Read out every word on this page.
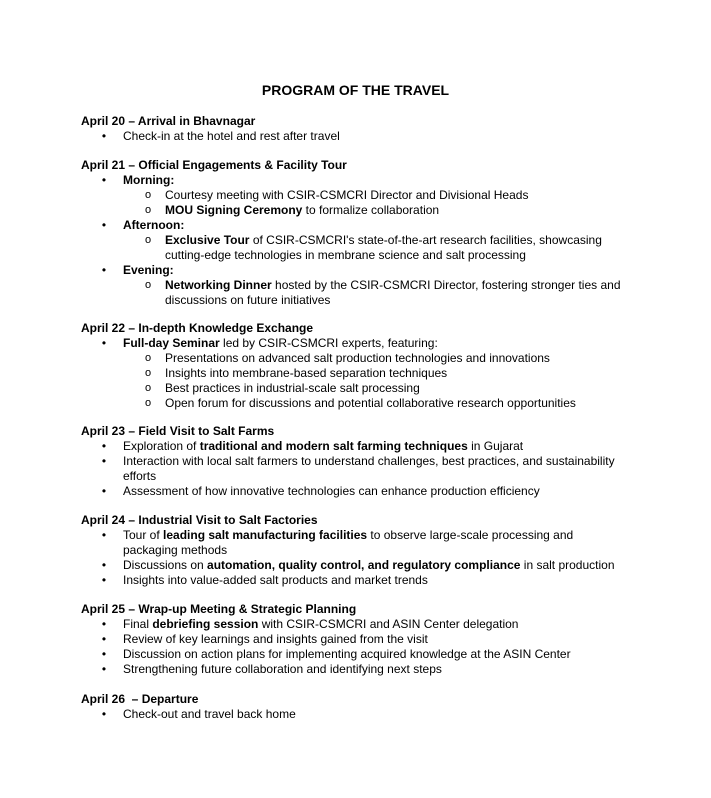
PROGRAM OF THE TRAVEL
April 20 – Arrival in Bhavnagar
• Check-in at the hotel and rest after travel
April 21 – Official Engagements & Facility Tour
• Morning:
o Courtesy meeting with CSIR-CSMCRI Director and Divisional Heads
o MOU Signing Ceremony to formalize collaboration
• Afternoon:
o Exclusive Tour of CSIR-CSMCRI's state-of-the-art research facilities, showcasing cutting-edge technologies in membrane science and salt processing
• Evening:
o Networking Dinner hosted by the CSIR-CSMCRI Director, fostering stronger ties and discussions on future initiatives
April 22 – In-depth Knowledge Exchange
• Full-day Seminar led by CSIR-CSMCRI experts, featuring:
o Presentations on advanced salt production technologies and innovations
o Insights into membrane-based separation techniques
o Best practices in industrial-scale salt processing
o Open forum for discussions and potential collaborative research opportunities
April 23 – Field Visit to Salt Farms
• Exploration of traditional and modern salt farming techniques in Gujarat
• Interaction with local salt farmers to understand challenges, best practices, and sustainability efforts
• Assessment of how innovative technologies can enhance production efficiency
April 24 – Industrial Visit to Salt Factories
• Tour of leading salt manufacturing facilities to observe large-scale processing and packaging methods
• Discussions on automation, quality control, and regulatory compliance in salt production
• Insights into value-added salt products and market trends
April 25 – Wrap-up Meeting & Strategic Planning
• Final debriefing session with CSIR-CSMCRI and ASIN Center delegation
• Review of key learnings and insights gained from the visit
• Discussion on action plans for implementing acquired knowledge at the ASIN Center
• Strengthening future collaboration and identifying next steps
April 26  – Departure
• Check-out and travel back home
